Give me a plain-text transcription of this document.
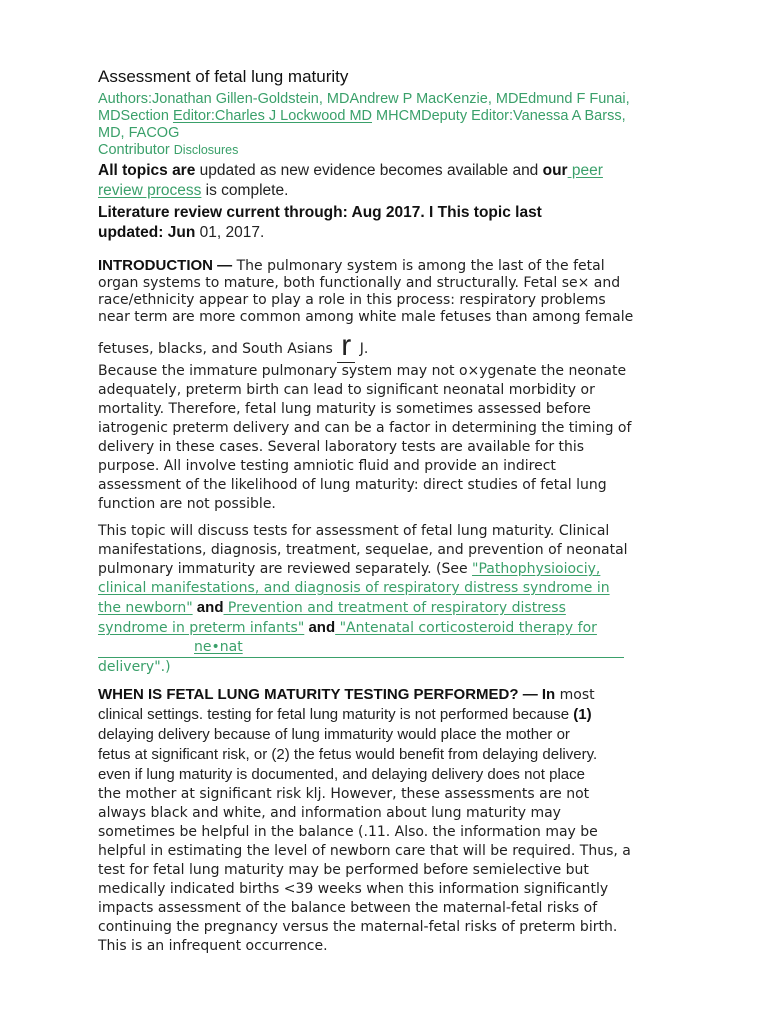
Assessment of fetal lung maturity

Authors:Jonathan Gillen-Goldstein, MDAndrew P MacKenzie, MDEdmund F Funai,

MDSection Editor:Charles J Lockwood MD MHCMDeputy Editor:Vanessa A Barss,

MD, FACOG

Contributor Disclosures

All topics are updated as new evidence becomes available and our peer
review process is complete.

Literature review current through: Aug 2017. I This topic last
updated: Jun 01, 2017.

INTRODUCTION — The pulmonary system is among the last of the fetal
organ systems to mature, both functionally and structurally. Fetal se× and
race/ethnicity appear to play a role in this process: respiratory problems
near term are more common among white male fetuses than among female
fetuses, blacks, and South Asians r J.

Because the immature pulmonary system may not o×ygenate the neonate
adequately, preterm birth can lead to significant neonatal morbidity or
mortality. Therefore, fetal lung maturity is sometimes assessed before
iatrogenic preterm delivery and can be a factor in determining the timing of
delivery in these cases. Several laboratory tests are available for this
purpose. All involve testing amniotic fluid and provide an indirect
assessment of the likelihood of lung maturity: direct studies of fetal lung
function are not possible.

This topic will discuss tests for assessment of fetal lung maturity. Clinical
manifestations, diagnosis, treatment, sequelae, and prevention of neonatal
pulmonary immaturity are reviewed separately. (See "Pathophysioiociy,
clinical manifestations, and diagnosis of respiratory distress syndrome in
the newborn" and Prevention and treatment of respiratory distress
syndrome in preterm infants" and "Antenatal corticosteroid therapy for
ne•nat

delivery".)

WHEN IS FETAL LUNG MATURITY TESTING PERFORMED? — In most
clinical settings. testing for fetal lung maturity is not performed because (1)
delaying delivery because of lung immaturity would place the mother or
fetus at significant risk, or (2) the fetus would benefit from delaying delivery.
even if lung maturity is documented, and delaying delivery does not place
the mother at significant risk klj. However, these assessments are not
always black and white, and information about lung maturity may
sometimes be helpful in the balance (.11. Also. the information may be
helpful in estimating the level of newborn care that will be required. Thus, a
test for fetal lung maturity may be performed before semielective but
medically indicated births <39 weeks when this information significantly
impacts assessment of the balance between the maternal-fetal risks of
continuing the pregnancy versus the maternal-fetal risks of preterm birth.
This is an infrequent occurrence.
